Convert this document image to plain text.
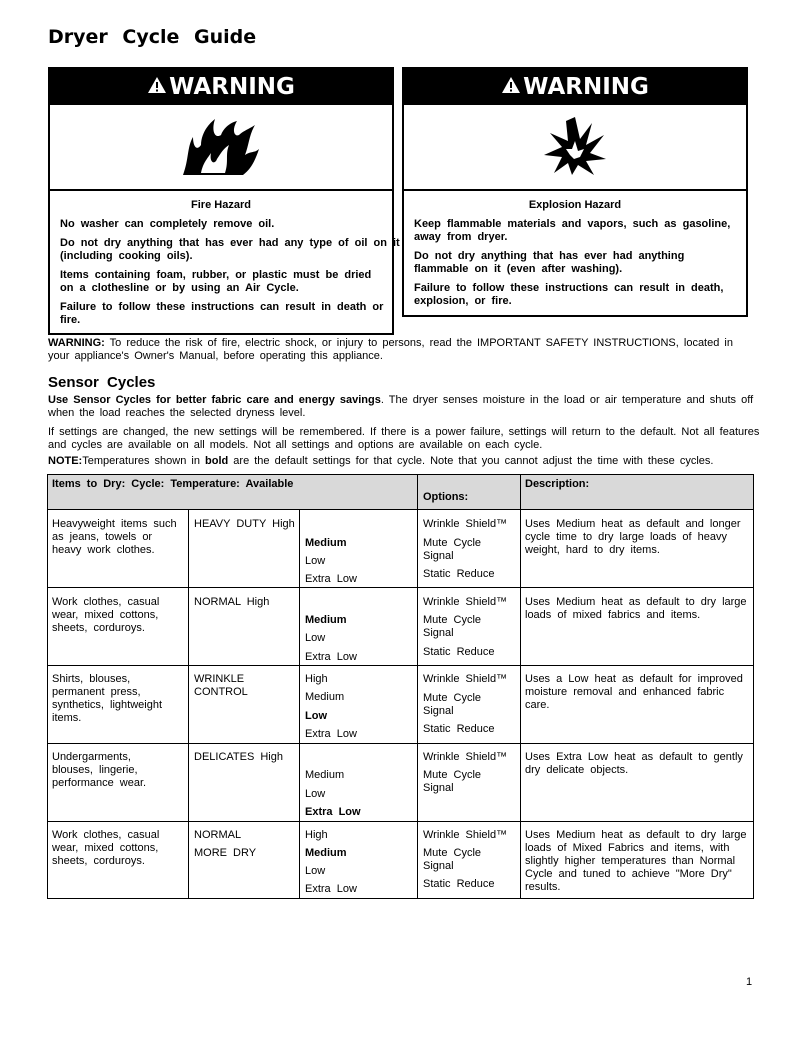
Dryer Cycle Guide
WARNING
Fire Hazard
No washer can completely remove oil.
Do not dry anything that has ever had any type of oil on it
(including cooking oils).
Items containing foam, rubber, or plastic must be dried
on a clothesline or by using an Air Cycle.
Failure to follow these instructions can result in death or
fire.
WARNING
Explosion Hazard
Keep flammable materials and vapors, such as gasoline,
away from dryer.
Do not dry anything that has ever had anything
flammable on it (even after washing).
Failure to follow these instructions can result in death,
explosion, or fire.

WARNING: To reduce the risk of fire, electric shock, or injury to persons, read the IMPORTANT SAFETY INSTRUCTIONS, located in

your appliance's Owner's Manual, before operating this appliance.

Sensor Cycles

Use Sensor Cycles for better fabric care and energy savings. The dryer senses moisture in the load or air temperature and shuts off

when the load reaches the selected dryness level.

If settings are changed, the new settings will be remembered. If there is a power failure, settings will return to the default. Not all features

and cycles are available on all models. Not all settings and options are available on each cycle.

NOTE:Temperatures shown in bold are the default settings for that cycle. Note that you cannot adjust the time with these cycles.

Items to Dry: Cycle: Temperature: Available			Options:	Description:

Heavyweight items such
as jeans, towels or
heavy work clothes.	HEAVY DUTY High	Medium
Low
Extra Low	Wrinkle Shield™
Mute Cycle
Signal
Static Reduce	Uses Medium heat as default and longer
cycle time to dry large loads of heavy
weight, hard to dry items.

Work clothes, casual
wear, mixed cottons,
sheets, corduroys.	NORMAL High	Medium
Low
Extra Low	Wrinkle Shield™
Mute Cycle
Signal
Static Reduce	Uses Medium heat as default to dry large
loads of mixed fabrics and items.

Shirts, blouses,
permanent press,
synthetics, lightweight
items.	WRINKLE
CONTROL	High
Medium
Low
Extra Low	Wrinkle Shield™
Mute Cycle
Signal
Static Reduce	Uses a Low heat as default for improved
moisture removal and enhanced fabric
care.

Undergarments,
blouses, lingerie,
performance wear.	DELICATES High	Medium
Low
Extra Low	Wrinkle Shield™
Mute Cycle
Signal	Uses Extra Low heat as default to gently
dry delicate objects.

Work clothes, casual
wear, mixed cottons,
sheets, corduroys.	NORMAL
MORE DRY	High
Medium
Low
Extra Low	Wrinkle Shield™
Mute Cycle
Signal
Static Reduce	Uses Medium heat as default to dry large
loads of Mixed Fabrics and items, with
slightly higher temperatures than Normal
Cycle and tuned to achieve "More Dry"
results.
1
